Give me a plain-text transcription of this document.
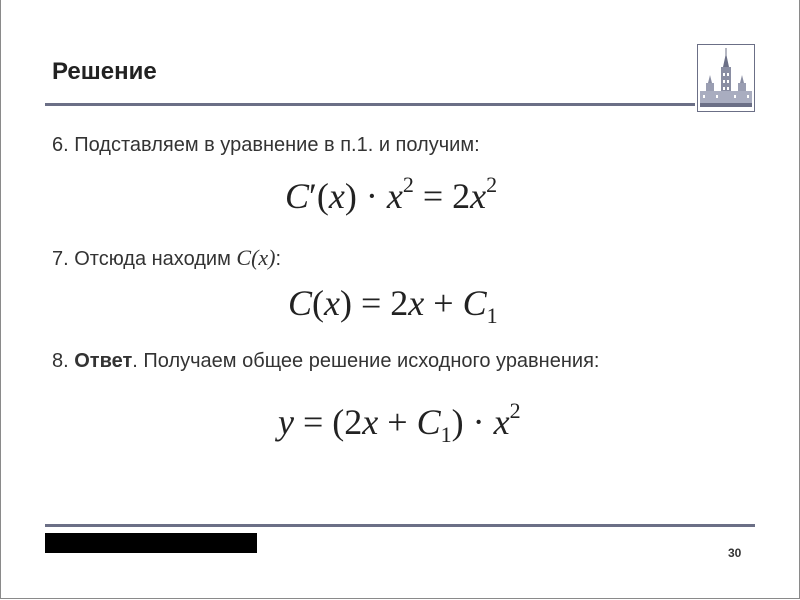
Решение
6. Подставляем в уравнение в п.1. и получим:
$C'(x) \cdot x^2 = 2x^2$
7. Отсюда находим C(x):
$C(x) = 2x + C_1$
8. Ответ. Получаем общее решение исходного уравнения:
$y = (2x + C_1) \cdot x^2$
30
